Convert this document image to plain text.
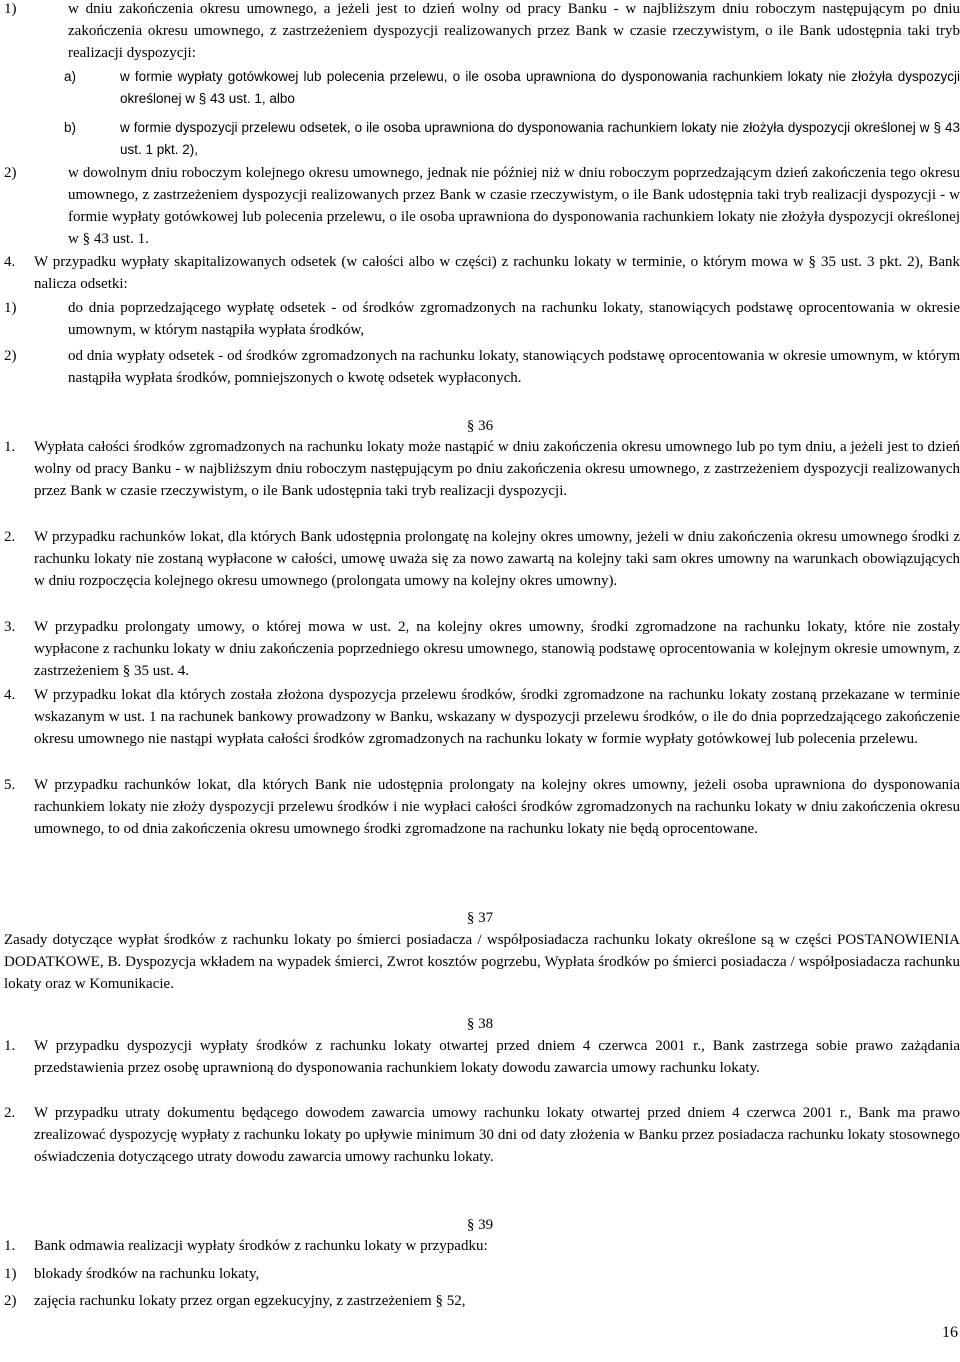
1)	w dniu zakończenia okresu umownego, a jeżeli jest to dzień wolny od pracy Banku - w najbliższym dniu roboczym następującym po dniu zakończenia okresu umownego, z zastrzeżeniem dyspozycji realizowanych przez Bank w czasie rzeczywistym, o ile Bank udostępnia taki tryb realizacji dyspozycji:

a)	w formie wypłaty gotówkowej lub polecenia przelewu, o ile osoba uprawniona do dysponowania rachunkiem lokaty nie złożyła dyspozycji określonej w § 43 ust. 1, albo

b)	w formie dyspozycji przelewu odsetek, o ile osoba uprawniona do dysponowania rachunkiem lokaty nie złożyła dyspozycji określonej w § 43 ust. 1 pkt. 2),

2)	w dowolnym dniu roboczym kolejnego okresu umownego, jednak nie później niż w dniu roboczym poprzedzającym dzień zakończenia tego okresu umownego, z zastrzeżeniem dyspozycji realizowanych przez Bank w czasie rzeczywistym, o ile Bank udostępnia taki tryb realizacji dyspozycji - w formie wypłaty gotówkowej lub polecenia przelewu, o ile osoba uprawniona do dysponowania rachunkiem lokaty nie złożyła dyspozycji określonej w § 43 ust. 1.

4. W przypadku wypłaty skapitalizowanych odsetek (w całości albo w części) z rachunku lokaty w terminie, o którym mowa w § 35 ust. 3 pkt. 2), Bank nalicza odsetki:

1)	do dnia poprzedzającego wypłatę odsetek - od środków zgromadzonych na rachunku lokaty, stanowiących podstawę oprocentowania w okresie umownym, w którym nastąpiła wypłata środków,

2)	od dnia wypłaty odsetek - od środków zgromadzonych na rachunku lokaty, stanowiących podstawę oprocentowania w okresie umownym, w którym nastąpiła wypłata środków, pomniejszonych o kwotę odsetek wypłaconych.

§ 36
1. Wypłata całości środków zgromadzonych na rachunku lokaty może nastąpić w dniu zakończenia okresu umownego lub po tym dniu, a jeżeli jest to dzień wolny od pracy Banku - w najbliższym dniu roboczym następującym po dniu zakończenia okresu umownego, z zastrzeżeniem dyspozycji realizowanych przez Bank w czasie rzeczywistym, o ile Bank udostępnia taki tryb realizacji dyspozycji.

2. W przypadku rachunków lokat, dla których Bank udostępnia prolongatę na kolejny okres umowny, jeżeli w dniu zakończenia okresu umownego środki z rachunku lokaty nie zostaną wypłacone w całości, umowę uważa się za nowo zawartą na kolejny taki sam okres umowny na warunkach obowiązujących w dniu rozpoczęcia kolejnego okresu umownego (prolongata umowy na kolejny okres umowny).

3. W przypadku prolongaty umowy, o której mowa w ust. 2, na kolejny okres umowny, środki zgromadzone na rachunku lokaty, które nie zostały wypłacone z rachunku lokaty w dniu zakończenia poprzedniego okresu umownego, stanowią podstawę oprocentowania w kolejnym okresie umownym, z zastrzeżeniem § 35 ust. 4.

4. W przypadku lokat dla których została złożona dyspozycja przelewu środków, środki zgromadzone na rachunku lokaty zostaną przekazane w terminie wskazanym w ust. 1 na rachunek bankowy prowadzony w Banku, wskazany w dyspozycji przelewu środków, o ile do dnia poprzedzającego zakończenie okresu umownego nie nastąpi wypłata całości środków zgromadzonych na rachunku lokaty w formie wypłaty gotówkowej lub polecenia przelewu.

5. W przypadku rachunków lokat, dla których Bank nie udostępnia prolongaty na kolejny okres umowny, jeżeli osoba uprawniona do dysponowania rachunkiem lokaty nie złoży dyspozycji przelewu środków i nie wypłaci całości środków zgromadzonych na rachunku lokaty w dniu zakończenia okresu umownego, to od dnia zakończenia okresu umownego środki zgromadzone na rachunku lokaty nie będą oprocentowane.

§ 37

Zasady dotyczące wypłat środków z rachunku lokaty po śmierci posiadacza / współposiadacza rachunku lokaty określone są w części POSTANOWIENIA DODATKOWE, B. Dyspozycja wkładem na wypadek śmierci, Zwrot kosztów pogrzebu, Wypłata środków po śmierci posiadacza / współposiadacza rachunku lokaty oraz w Komunikacie.

§ 38
1. W przypadku dyspozycji wypłaty środków z rachunku lokaty otwartej przed dniem 4 czerwca 2001 r., Bank zastrzega sobie prawo zażądania przedstawienia przez osobę uprawnioną do dysponowania rachunkiem lokaty dowodu zawarcia umowy rachunku lokaty.

2. W przypadku utraty dokumentu będącego dowodem zawarcia umowy rachunku lokaty otwartej przed dniem 4 czerwca 2001 r., Bank ma prawo zrealizować dyspozycję wypłaty z rachunku lokaty po upływie minimum 30 dni od daty złożenia w Banku przez posiadacza rachunku lokaty stosownego oświadczenia dotyczącego utraty dowodu zawarcia umowy rachunku lokaty.

§ 39
1. Bank odmawia realizacji wypłaty środków z rachunku lokaty w przypadku:

1) blokady środków na rachunku lokaty,

2) zajęcia rachunku lokaty przez organ egzekucyjny, z zastrzeżeniem § 52,

16
